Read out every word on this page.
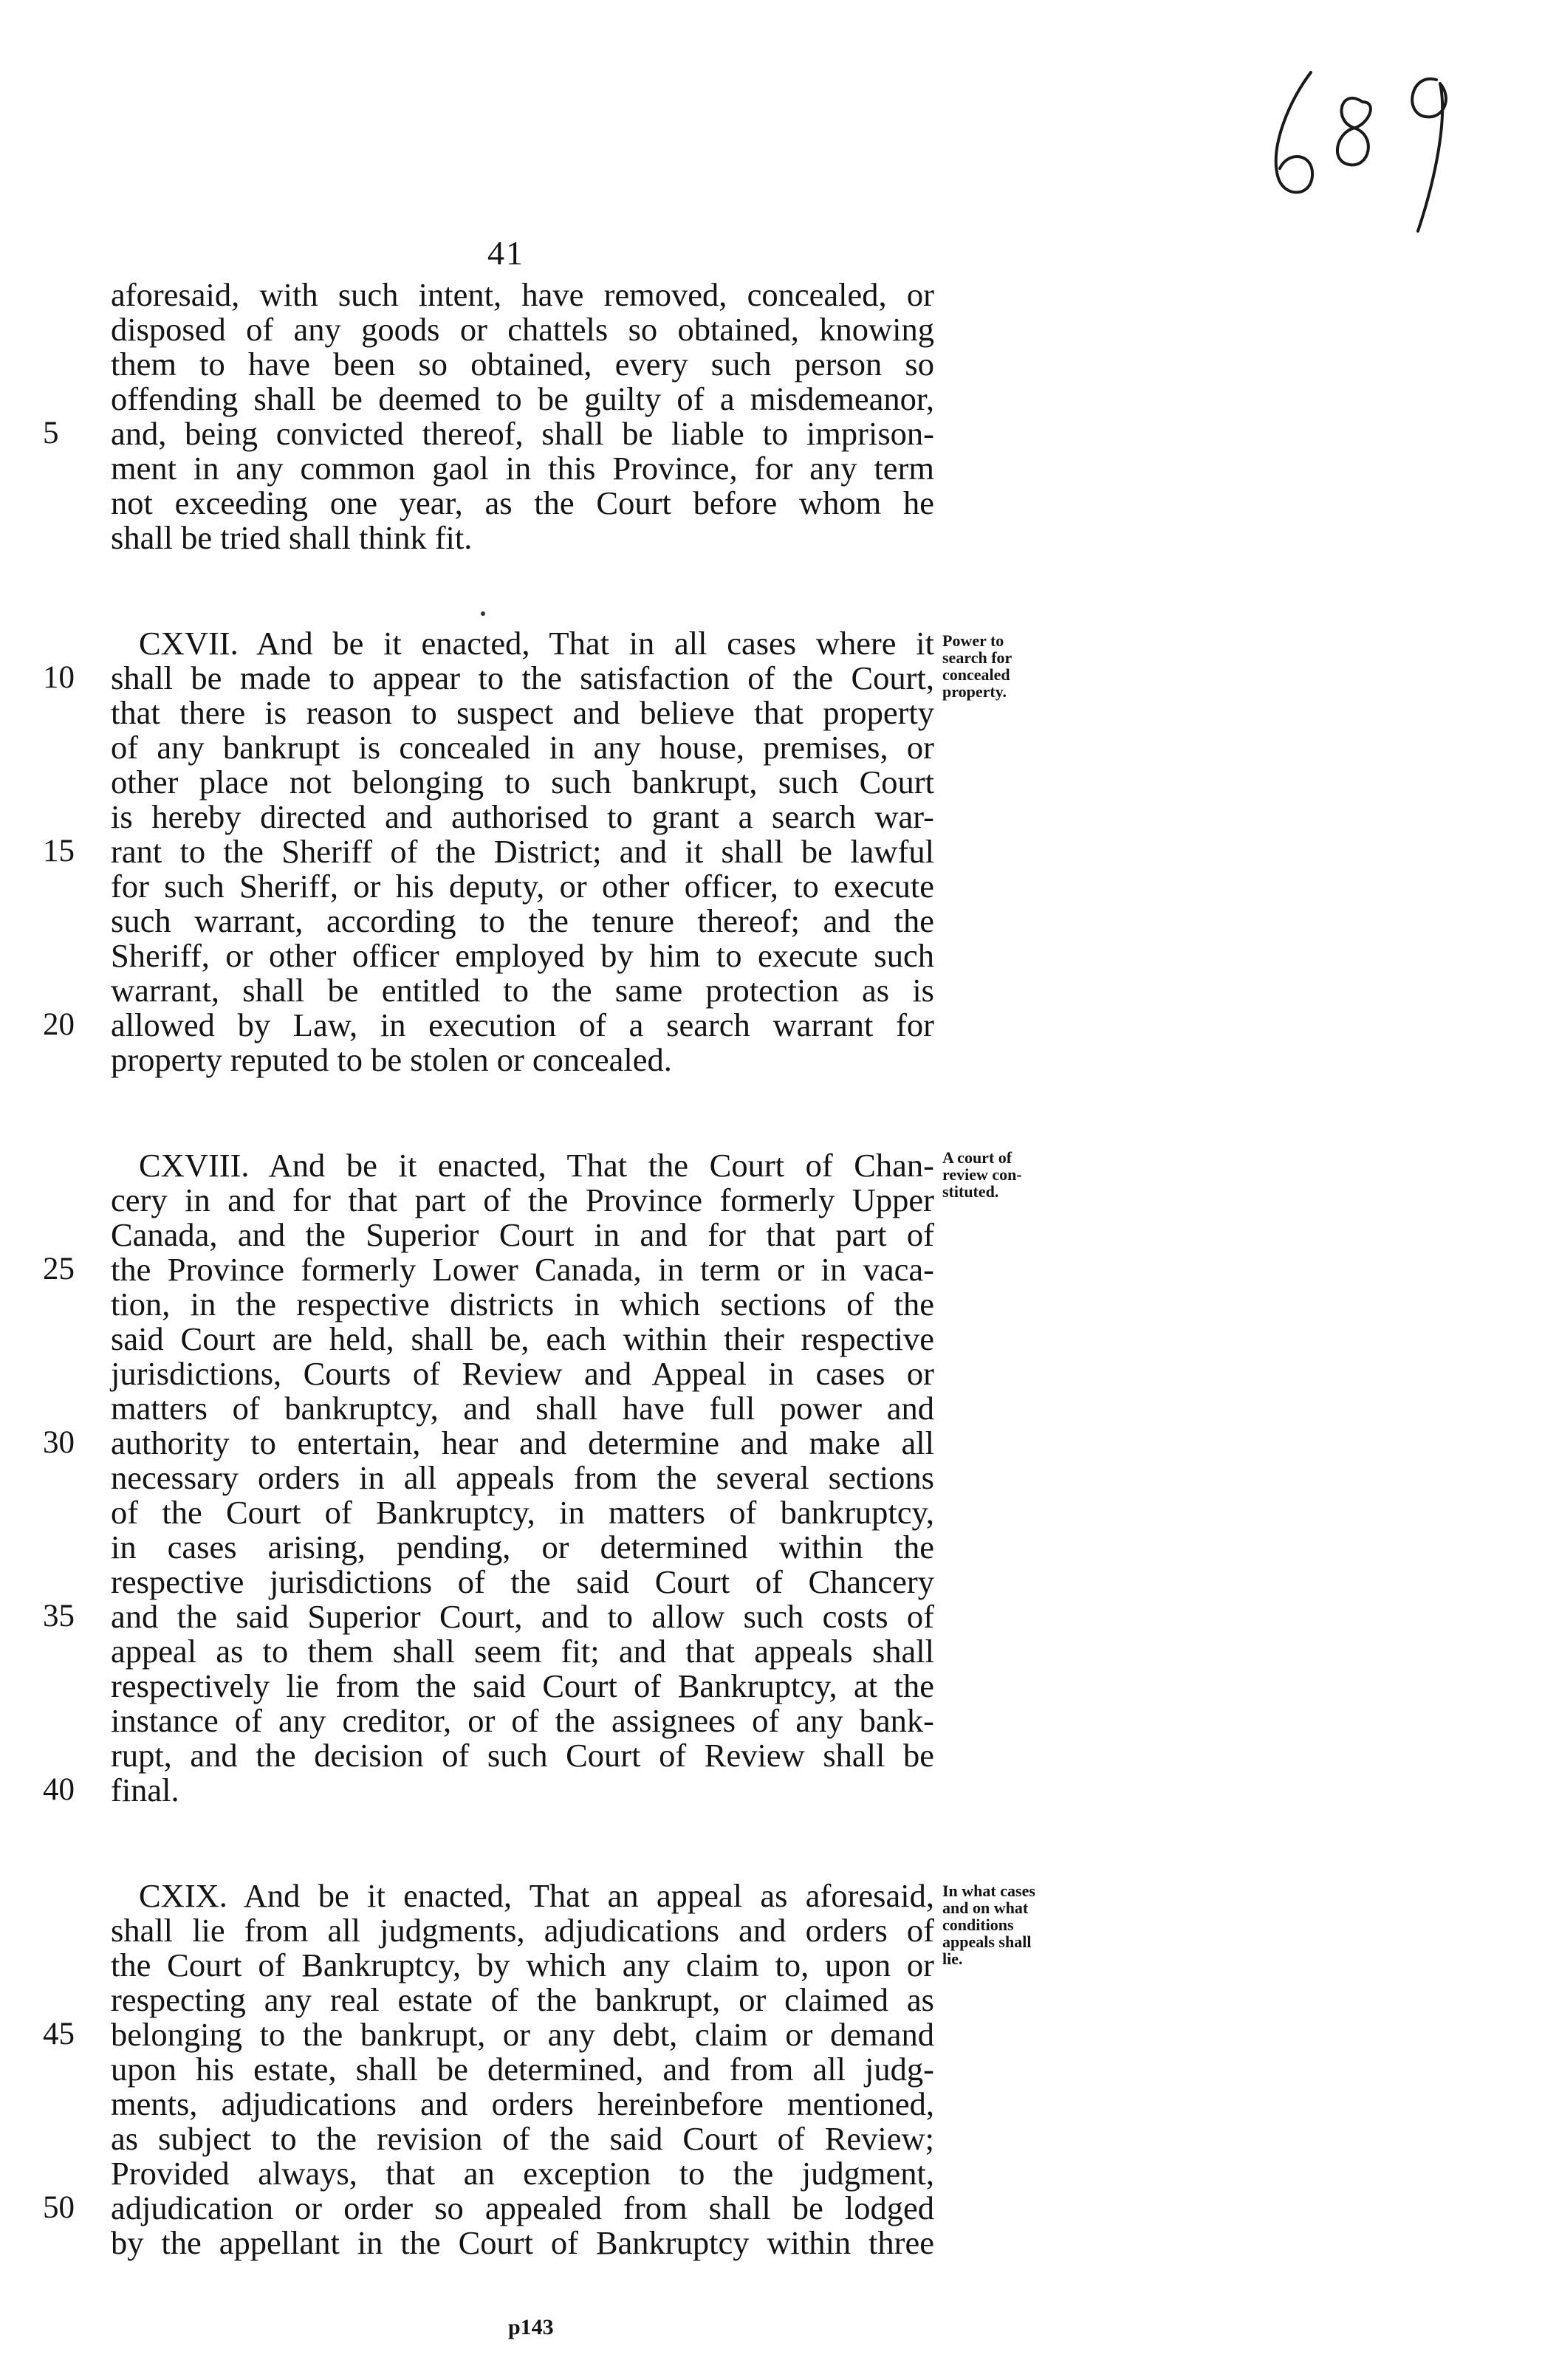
41
aforesaid, with such intent, have removed, concealed, or
disposed of any goods or chattels so obtained, knowing
them to have been so obtained, every such person so
offending shall be deemed to be guilty of a misdemeanor,
and, being convicted thereof, shall be liable to imprison-
ment in any common gaol in this Province, for any term
not exceeding one year, as the Court before whom he
shall be tried shall think fit.
CXVII. And be it enacted, That in all cases where it
shall be made to appear to the satisfaction of the Court,
that there is reason to suspect and believe that property
of any bankrupt is concealed in any house, premises, or
other place not belonging to such bankrupt, such Court
is hereby directed and authorised to grant a search war-
rant to the Sheriff of the District; and it shall be lawful
for such Sheriff, or his deputy, or other officer, to execute
such warrant, according to the tenure thereof; and the
Sheriff, or other officer employed by him to execute such
warrant, shall be entitled to the same protection as is
allowed by Law, in execution of a search warrant for
property reputed to be stolen or concealed.
CXVIII. And be it enacted, That the Court of Chan-
cery in and for that part of the Province formerly Upper
Canada, and the Superior Court in and for that part of
the Province formerly Lower Canada, in term or in vaca-
tion, in the respective districts in which sections of the
said Court are held, shall be, each within their respective
jurisdictions, Courts of Review and Appeal in cases or
matters of bankruptcy, and shall have full power and
authority to entertain, hear and determine and make all
necessary orders in all appeals from the several sections
of the Court of Bankruptcy, in matters of bankruptcy,
in cases arising, pending, or determined within the
respective jurisdictions of the said Court of Chancery
and the said Superior Court, and to allow such costs of
appeal as to them shall seem fit; and that appeals shall
respectively lie from the said Court of Bankruptcy, at the
instance of any creditor, or of the assignees of any bank-
rupt, and the decision of such Court of Review shall be
final.
CXIX. And be it enacted, That an appeal as aforesaid,
shall lie from all judgments, adjudications and orders of
the Court of Bankruptcy, by which any claim to, upon or
respecting any real estate of the bankrupt, or claimed as
belonging to the bankrupt, or any debt, claim or demand
upon his estate, shall be determined, and from all judg-
ments, adjudications and orders hereinbefore mentioned,
as subject to the revision of the said Court of Review;
Provided always, that an exception to the judgment,
adjudication or order so appealed from shall be lodged
by the appellant in the Court of Bankruptcy within three
5
10
15
20
25
30
35
40
45
50
Power to
search for
concealed
property.
A court of
review con-
stituted.
In what cases
and on what
conditions
appeals shall
lie.
p143
